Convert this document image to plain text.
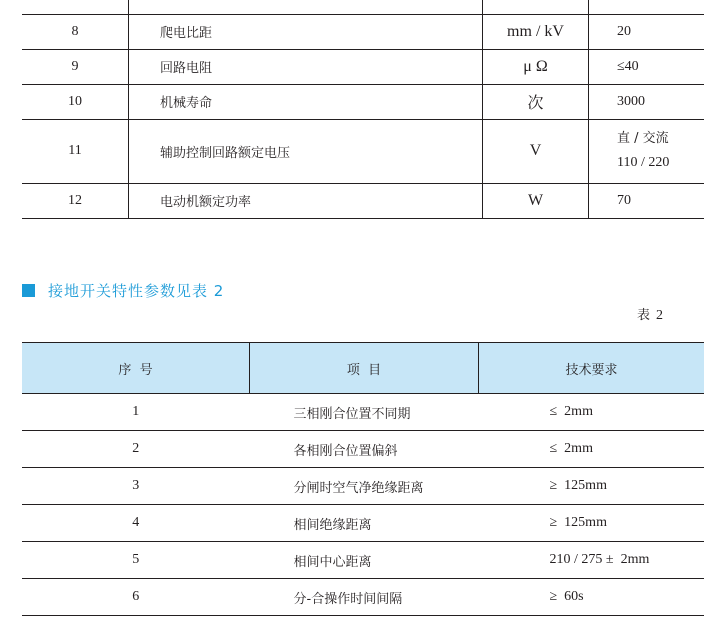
8	爬电比距	mm / kV	20
9	回路电阻	μ Ω	≤40
10	机械寿命	次	3000
11	辅助控制回路额定电压	V	直 / 交流
110 / 220

12	电动机额定功率	W	70
接地开关特性参数见表 2
表2
序  号	项  目	技术要求
1	三相刚合位置不同期	≤  2mm
2	各相刚合位置偏斜	≤  2mm
3	分闸时空气净绝缘距离	≥  125mm
4	相间绝缘距离	≥  125mm
5	相间中心距离	210 / 275 ±  2mm
6	分-合操作时间间隔	≥  60s
